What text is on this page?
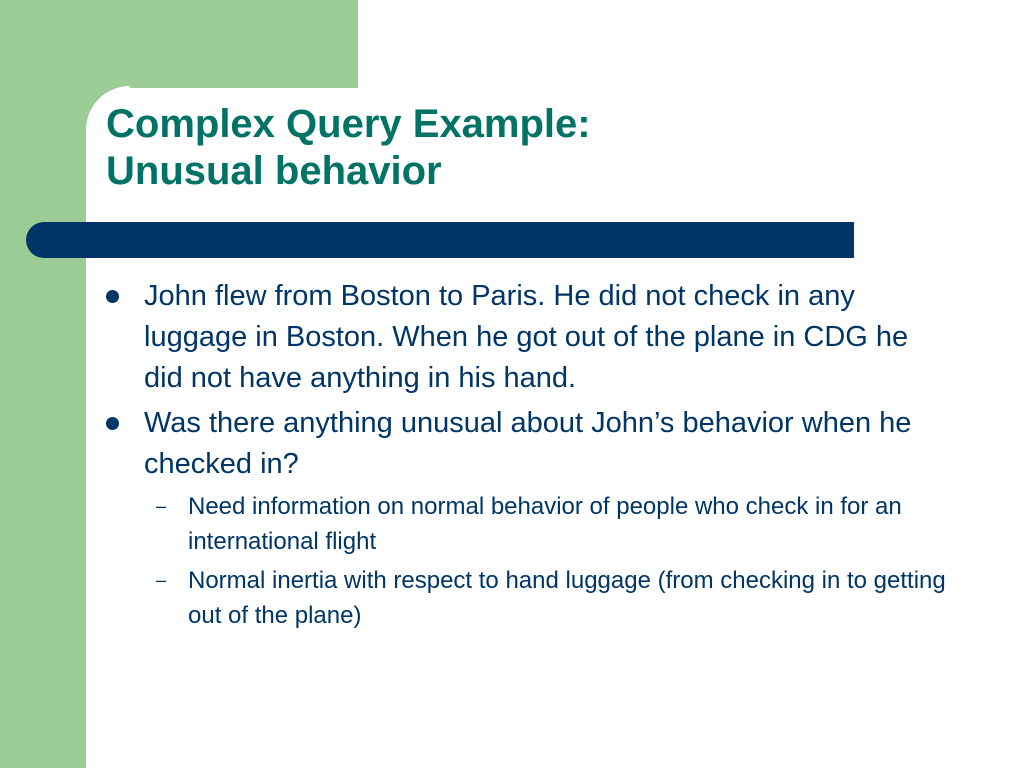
Complex Query Example:
Unusual behavior
John flew from Boston to Paris. He did not check in any luggage in Boston. When he got out of the plane in CDG he did not have anything in his hand.
Was there anything unusual about John’s behavior when he checked in?
– Need information on normal behavior of people who check in for an international flight
– Normal inertia with respect to hand luggage (from checking in to getting out of the plane)
